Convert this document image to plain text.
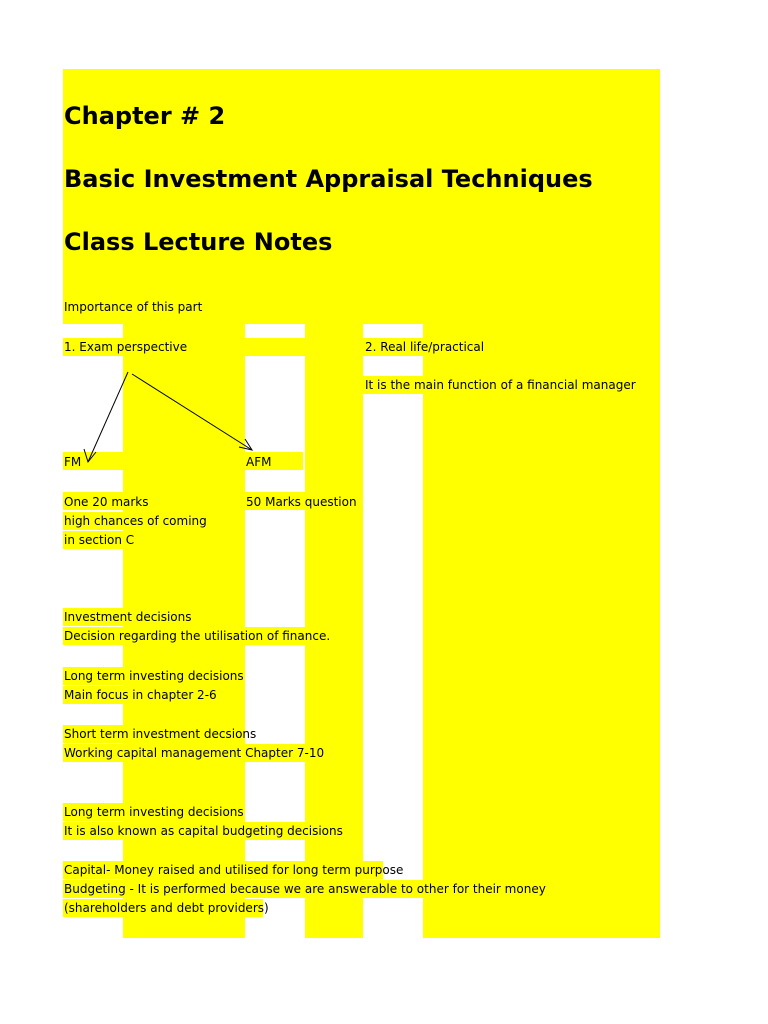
Chapter # 2
Basic Investment Appraisal Techniques
Class Lecture Notes
Importance of this part
1. Exam perspective	2. Real life/practical
It is the main function of a financial manager
FM	AFM
One 20 marks
high chances of coming
in section C
50 Marks question
Investment decisions
Decision regarding the utilisation of finance.
Long term investing decisions
Main focus in chapter 2-6
Short term investment decsions
Working capital management Chapter 7-10
Long term investing decisions
It is also known as capital budgeting decisions
Capital- Money raised and utilised for long term purpose
Budgeting - It is performed because we are answerable to other for their money
(shareholders and debt providers)
